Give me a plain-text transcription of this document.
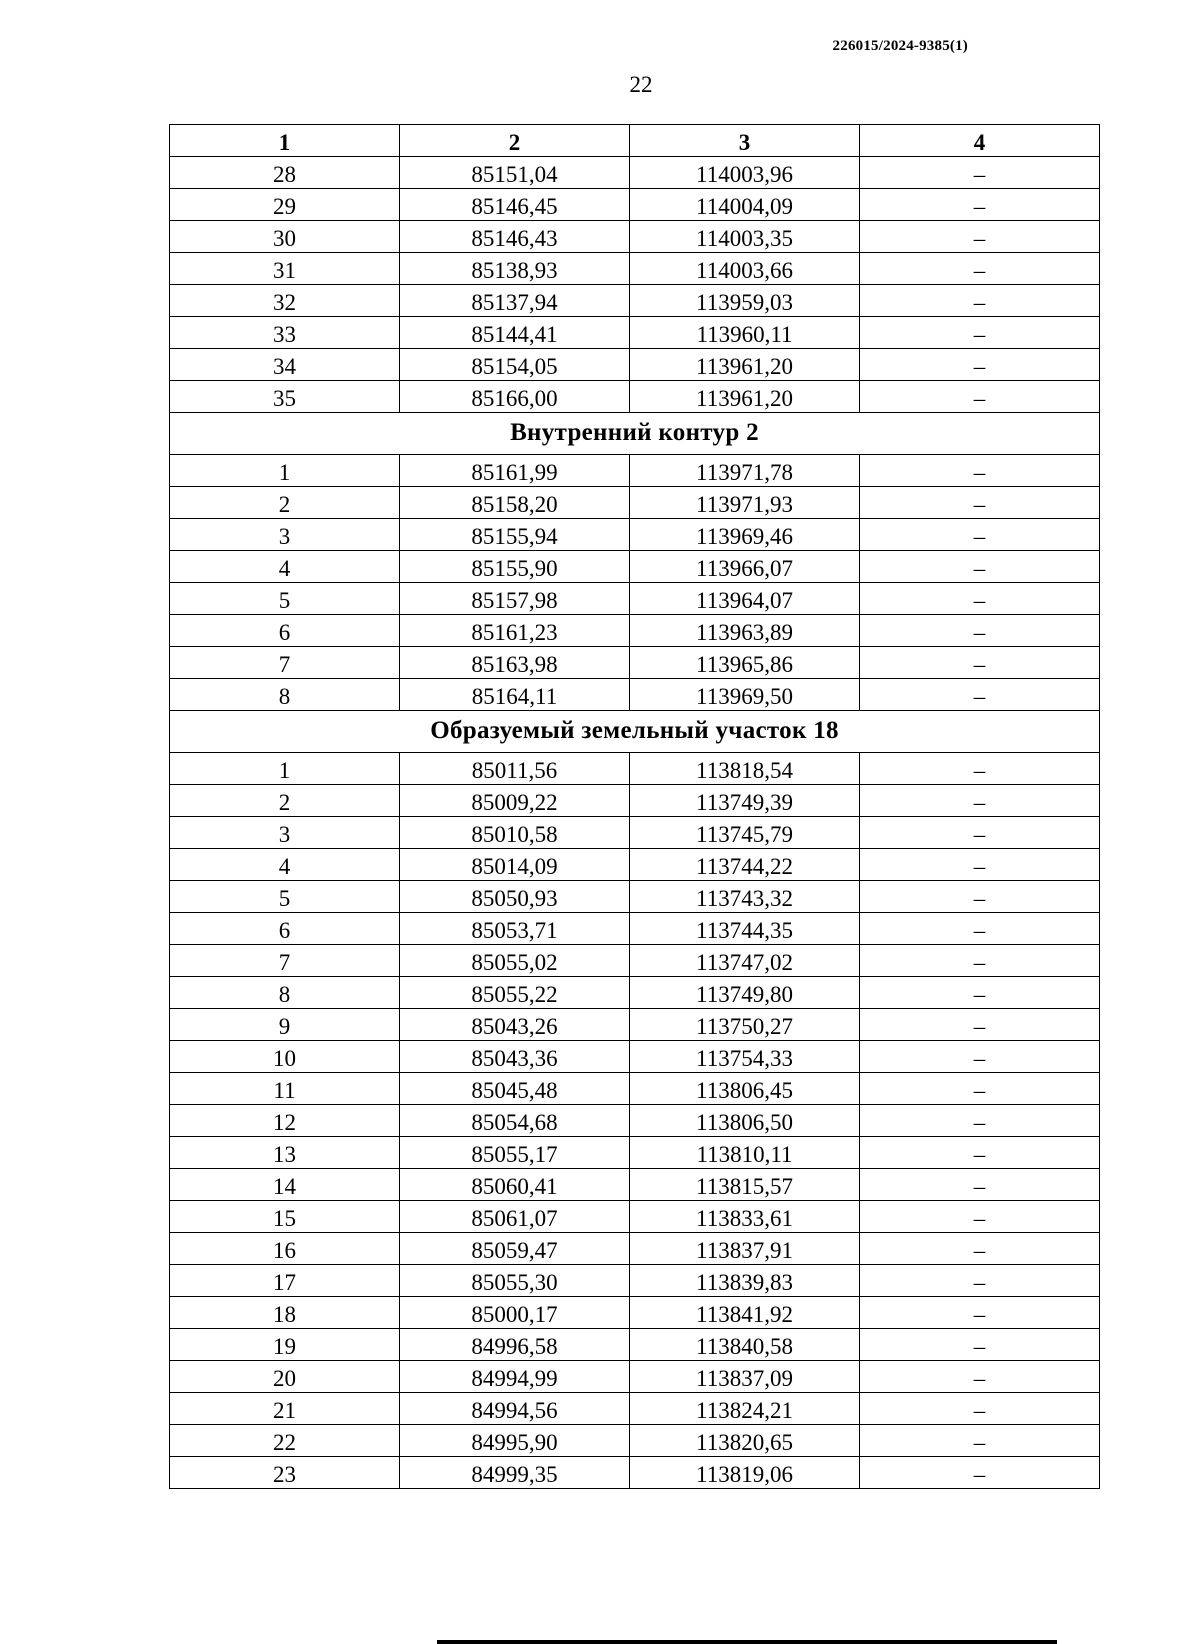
226015/2024-9385(1)
22
1	2	3	4
28	85151,04	114003,96	–
29	85146,45	114004,09	–
30	85146,43	114003,35	–
31	85138,93	114003,66	–
32	85137,94	113959,03	–
33	85144,41	113960,11	–
34	85154,05	113961,20	–
35	85166,00	113961,20	–
Внутренний контур 2			
1	85161,99	113971,78	–
2	85158,20	113971,93	–
3	85155,94	113969,46	–
4	85155,90	113966,07	–
5	85157,98	113964,07	–
6	85161,23	113963,89	–
7	85163,98	113965,86	–
8	85164,11	113969,50	–
Образуемый земельный участок 18			
1	85011,56	113818,54	–
2	85009,22	113749,39	–
3	85010,58	113745,79	–
4	85014,09	113744,22	–
5	85050,93	113743,32	–
6	85053,71	113744,35	–
7	85055,02	113747,02	–
8	85055,22	113749,80	–
9	85043,26	113750,27	–
10	85043,36	113754,33	–
11	85045,48	113806,45	–
12	85054,68	113806,50	–
13	85055,17	113810,11	–
14	85060,41	113815,57	–
15	85061,07	113833,61	–
16	85059,47	113837,91	–
17	85055,30	113839,83	–
18	85000,17	113841,92	–
19	84996,58	113840,58	–
20	84994,99	113837,09	–
21	84994,56	113824,21	–
22	84995,90	113820,65	–
23	84999,35	113819,06	–
